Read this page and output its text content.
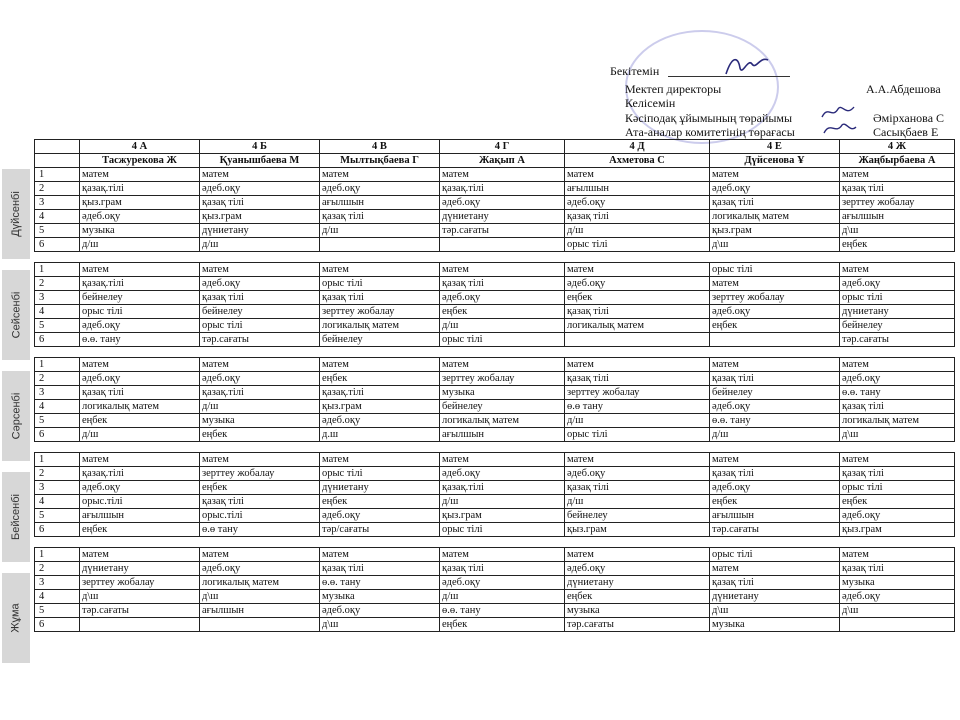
Бекітемін
Мектеп директоры	А.А.Абдешова
Келісемін
Кәсіподақ ұйымының төрайымы	Әмірханова С
Ата-аналар комитетінің төрағасы	Сасықбаев Е
Дүйсенбі
Сейсенбі
Сәрсенбі
Бейсенбі
Жұма
	4 А	4 Б	4 В	4 Г	4 Д	4 Е	4 Ж
	Тасжурекова Ж	Қуанышбаева М	Мылтықбаева Г	Жақып А	Ахметова С	Дүйсенова Ұ	Жаңбырбаева А
1	матем	матем	матем	матем	матем	матем	матем
2	қазақ.тілі	әдеб.оқу	әдеб.оқу	қазақ.тілі	ағылшын	әдеб.оқу	қазақ тілі
3	қыз.грам	қазақ тілі	ағылшын	әдеб.оқу	әдеб.оқу	қазақ тілі	зерттеу жобалау
4	әдеб.оқу	қыз.грам	қазақ тілі	дүниетану	қазақ тілі	логикалық матем	ағылшын
5	музыка	дүниетану	д/ш	тәр.сағаты	д/ш	қыз.грам	д\ш
6	д/ш	д/ш			орыс тілі	д\ш	еңбек

1	матем	матем	матем	матем	матем	орыс тілі	матем
2	қазақ.тілі	әдеб.оқу	орыс тілі	қазақ тілі	әдеб.оқу	матем	әдеб.оқу
3	бейнелеу	қазақ тілі	қазақ тілі	әдеб.оқу	еңбек	зерттеу жобалау	орыс тілі
4	орыс тілі	бейнелеу	зерттеу жобалау	еңбек	қазақ тілі	әдеб.оқу	дүниетану
5	әдеб.оқу	орыс тілі	логикалық матем	д/ш	логикалық матем	еңбек	бейнелеу
6	ө.ө. тану	тәр.сағаты	бейнелеу	орыс тілі			тәр.сағаты

1	матем	матем	матем	матем	матем	матем	матем
2	әдеб.оқу	әдеб.оқу	еңбек	зерттеу жобалау	қазақ тілі	қазақ тілі	әдеб.оқу
3	қазақ тілі	қазақ.тілі	қазақ.тілі	музыка	зерттеу жобалау	бейнелеу	ө.ө. тану
4	логикалық матем	д/ш	қыз.грам	бейнелеу	ө.ө тану	әдеб.оқу	қазақ тілі
5	еңбек	музыка	әдеб.оқу	логикалық матем	д/ш	ө.ө. тану	логикалық матем
6	д/ш	еңбек	д.ш	ағылшын	орыс тілі	д/ш	д\ш

1	матем	матем	матем	матем	матем	матем	матем
2	қазақ.тілі	зерттеу жобалау	орыс тілі	әдеб.оқу	әдеб.оқу	қазақ тілі	қазақ тілі
3	әдеб.оқу	еңбек	дүниетану	қазақ.тілі	қазақ тілі	әдеб.оқу	орыс тілі
4	орыс.тілі	қазақ тілі	еңбек	д/ш	д/ш	еңбек	еңбек
5	ағылшын	орыс.тілі	әдеб.оқу	қыз.грам	бейнелеу	ағылшын	әдеб.оқу
6	еңбек	ө.ө тану	тәр/сағаты	орыс тілі	қыз.грам	тәр.сағаты	қыз.грам

1	матем	матем	матем	матем	матем	орыс тілі	матем
2	дүниетану	әдеб.оқу	қазақ тілі	қазақ тілі	әдеб.оқу	матем	қазақ тілі
3	зерттеу жобалау	логикалық матем	ө.ө. тану	әдеб.оқу	дүниетану	қазақ тілі	музыка
4	д\ш	д\ш	музыка	д/ш	еңбек	дүниетану	әдеб.оқу
5	тәр.сағаты	ағылшын	әдеб.оқу	ө.ө. тану	музыка	д\ш	д\ш
6			д\ш	еңбек	тәр.сағаты	музыка	
